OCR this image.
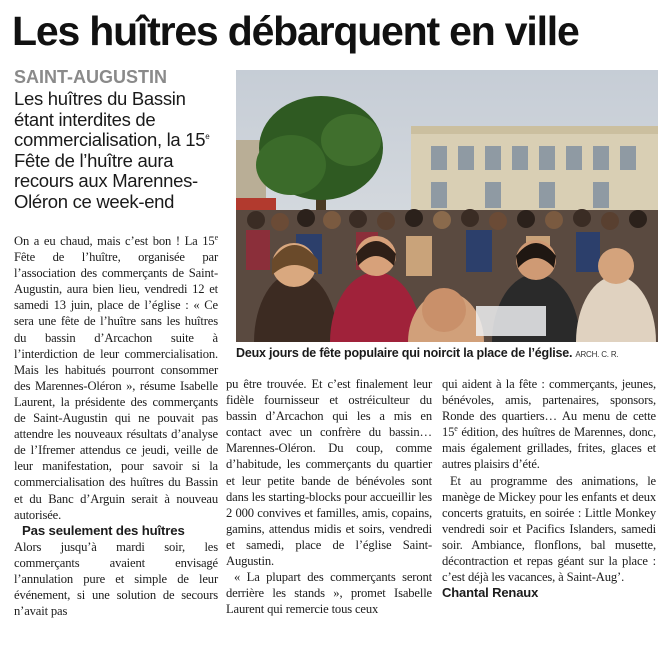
Les huîtres débarquent en ville
SAINT-AUGUSTIN
Les huîtres du Bassin étant interdites de commercialisation, la 15e Fête de l’huître aura recours aux Marennes-Oléron ce week-end
Deux jours de fête populaire qui noircit la place de l’église. ARCH. C. R.

On a eu chaud, mais c’est bon ! La 15e Fête de l’huître, organisée par l’association des commerçants de Saint-Augustin, aura bien lieu, vendredi 12 et samedi 13 juin, place de l’église : « Ce sera une fête de l’huître sans les huîtres du bassin d’Arcachon suite à l’interdiction de leur commercialisation. Mais les habitués pourront consommer des Marennes-Oléron », résume Isabelle Laurent, la présidente des commerçants de Saint-Augustin qui ne pouvait pas attendre les nouveaux résultats d’analyse de l’Ifremer attendus ce jeudi, veille de leur manifestation, pour savoir si la commercialisation des huîtres du Bassin et du Banc d’Arguin serait à nouveau autorisée.

Pas seulement des huîtres

Alors jusqu’à mardi soir, les commerçants avaient envisagé l’annulation pure et simple de leur événement, si une solution de secours n’avait pas

pu être trouvée. Et c’est finalement leur fidèle fournisseur et ostréiculteur du bassin d’Arcachon qui les a mis en contact avec un confrère du bassin… Marennes-Oléron. Du coup, comme d’habitude, les commerçants du quartier et leur petite bande de bénévoles sont dans les starting-blocks pour accueillir les 2 000 convives et familles, amis, copains, gamins, attendus midis et soirs, vendredi et samedi, place de l’église Saint-Augustin.

« La plupart des commerçants seront derrière les stands », promet Isabelle Laurent qui remercie tous ceux

qui aident à la fête : commerçants, jeunes, bénévoles, amis, partenaires, sponsors, Ronde des quartiers… Au menu de cette 15e édition, des huîtres de Marennes, donc, mais également grillades, frites, glaces et autres plaisirs d’été.

Et au programme des animations, le manège de Mickey pour les enfants et deux concerts gratuits, en soirée : Little Monkey vendredi soir et Pacifics Islanders, samedi soir. Ambiance, flonflons, bal musette, décontraction et repas géant sur la place : c’est déjà les vacances, à Saint-Aug’.

Chantal Renaux
